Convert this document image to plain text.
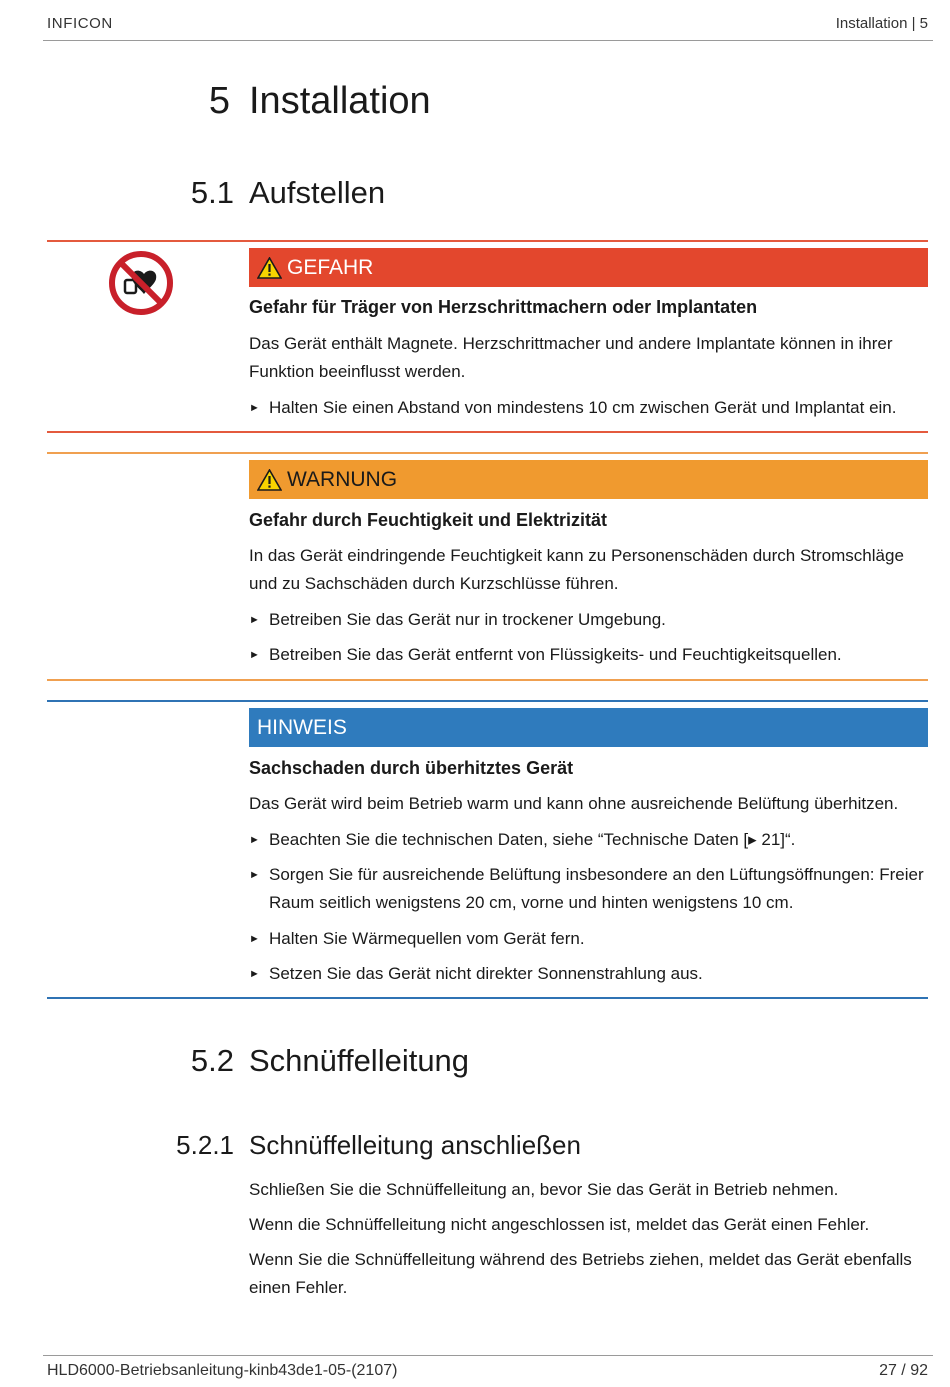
INFICON	Installation | 5
5 Installation
5.1 Aufstellen
GEFAHR
Gefahr für Träger von Herzschrittmachern oder Implantaten
Das Gerät enthält Magnete. Herzschrittmacher und andere Implantate können in ihrer Funktion beeinflusst werden.
► Halten Sie einen Abstand von mindestens 10 cm zwischen Gerät und Implantat ein.
WARNUNG
Gefahr durch Feuchtigkeit und Elektrizität
In das Gerät eindringende Feuchtigkeit kann zu Personenschäden durch Stromschläge und zu Sachschäden durch Kurzschlüsse führen.
► Betreiben Sie das Gerät nur in trockener Umgebung.
► Betreiben Sie das Gerät entfernt von Flüssigkeits- und Feuchtigkeitsquellen.
HINWEIS
Sachschaden durch überhitztes Gerät
Das Gerät wird beim Betrieb warm und kann ohne ausreichende Belüftung überhitzen.
► Beachten Sie die technischen Daten, siehe “Technische Daten [▸ 21]“.
► Sorgen Sie für ausreichende Belüftung insbesondere an den Lüftungsöffnungen: Freier Raum seitlich wenigstens 20 cm, vorne und hinten wenigstens 10 cm.
► Halten Sie Wärmequellen vom Gerät fern.
► Setzen Sie das Gerät nicht direkter Sonnenstrahlung aus.
5.2 Schnüffelleitung
5.2.1 Schnüffelleitung anschließen
Schließen Sie die Schnüffelleitung an, bevor Sie das Gerät in Betrieb nehmen.
Wenn die Schnüffelleitung nicht angeschlossen ist, meldet das Gerät einen Fehler.
Wenn Sie die Schnüffelleitung während des Betriebs ziehen, meldet das Gerät ebenfalls einen Fehler.
HLD6000-Betriebsanleitung-kinb43de1-05-(2107)	27 / 92
